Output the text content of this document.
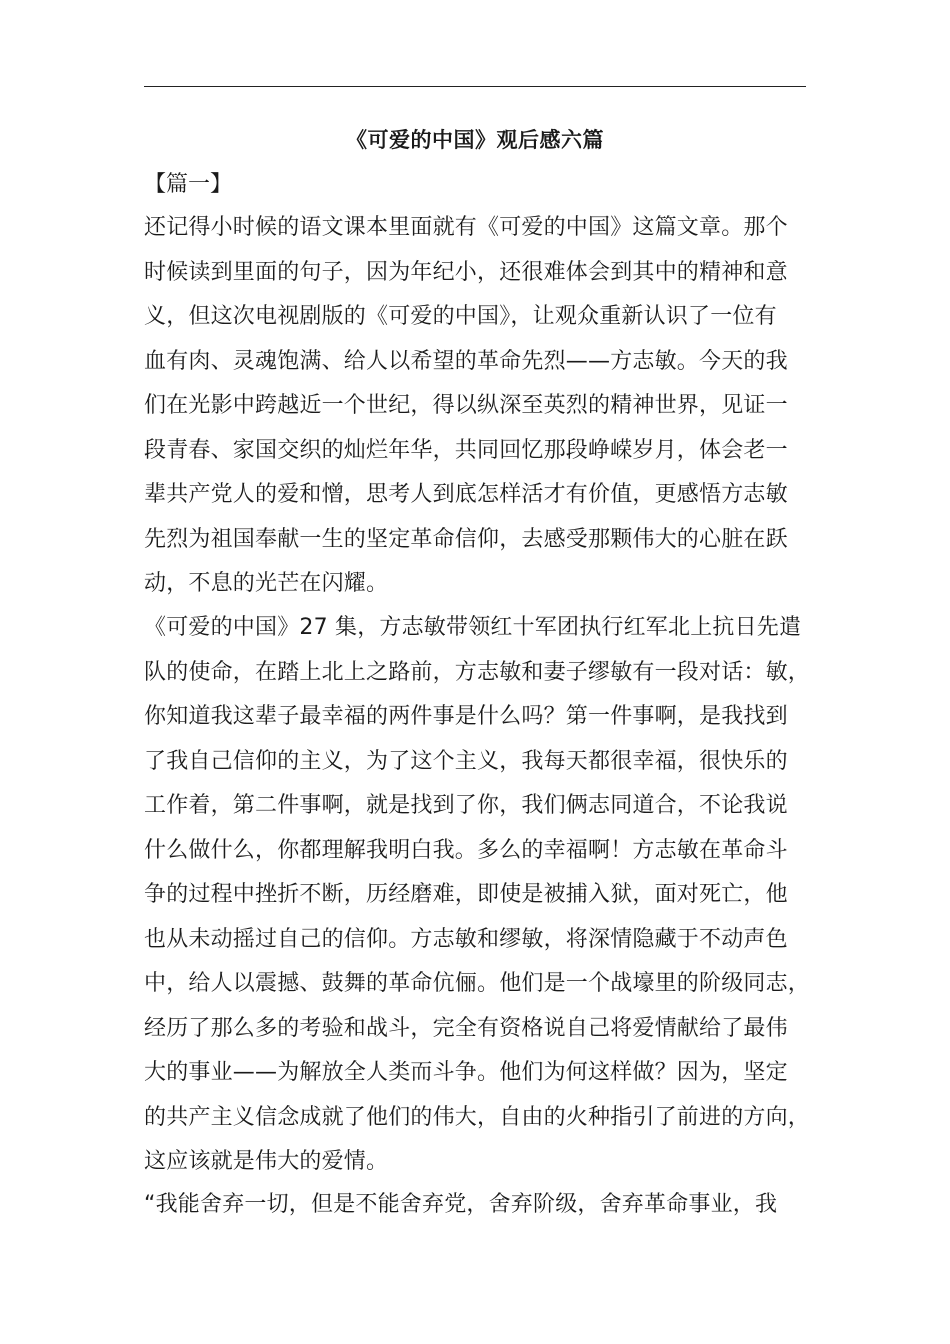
《可爱的中国》观后感六篇
【篇一】

还记得小时候的语文课本里面就有《可爱的中国》这篇文章。那个
时候读到里面的句子，因为年纪小，还很难体会到其中的精神和意
义，但这次电视剧版的《可爱的中国》，让观众重新认识了一位有
血有肉、灵魂饱满、给人以希望的革命先烈——方志敏。今天的我
们在光影中跨越近一个世纪，得以纵深至英烈的精神世界，见证一
段青春、家国交织的灿烂年华，共同回忆那段峥嵘岁月，体会老一
辈共产党人的爱和憎，思考人到底怎样活才有价值，更感悟方志敏
先烈为祖国奉献一生的坚定革命信仰，去感受那颗伟大的心脏在跃
动，不息的光芒在闪耀。

《可爱的中国》27 集，方志敏带领红十军团执行红军北上抗日先遣
队的使命，在踏上北上之路前，方志敏和妻子缪敏有一段对话：敏，
你知道我这辈子最幸福的两件事是什么吗？第一件事啊，是我找到
了我自己信仰的主义，为了这个主义，我每天都很幸福，很快乐的
工作着，第二件事啊，就是找到了你，我们俩志同道合，不论我说
什么做什么，你都理解我明白我。多么的幸福啊！方志敏在革命斗
争的过程中挫折不断，历经磨难，即使是被捕入狱，面对死亡，他
也从未动摇过自己的信仰。方志敏和缪敏，将深情隐藏于不动声色
中，给人以震撼、鼓舞的革命伉俪。他们是一个战壕里的阶级同志，
经历了那么多的考验和战斗，完全有资格说自己将爱情献给了最伟
大的事业——为解放全人类而斗争。他们为何这样做？因为，坚定
的共产主义信念成就了他们的伟大，自由的火种指引了前进的方向，
这应该就是伟大的爱情。

“我能舍弃一切，但是不能舍弃党，舍弃阶级，舍弃革命事业，我
